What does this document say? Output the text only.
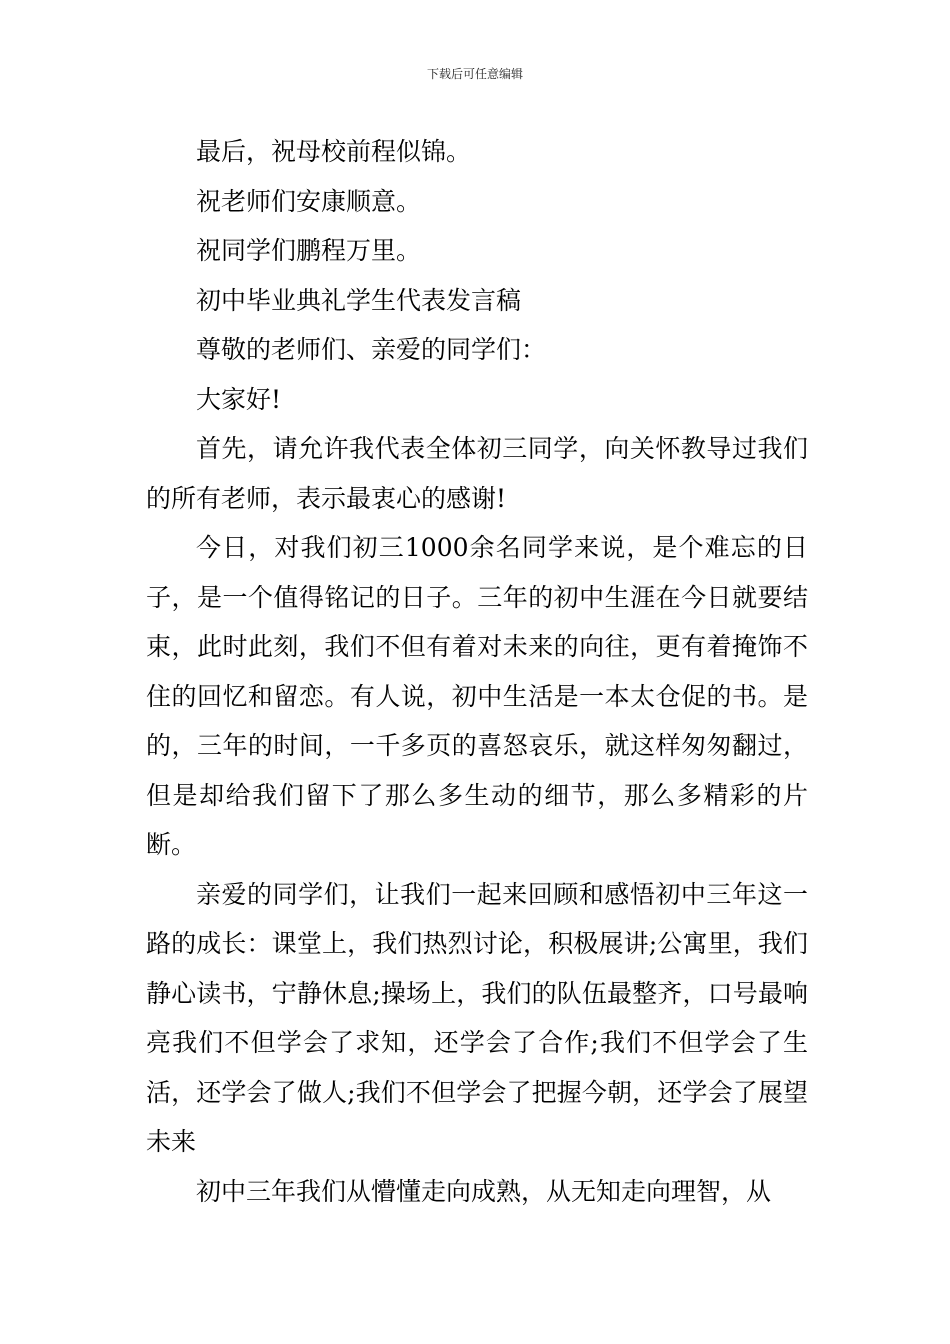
下载后可任意编辑

最后，祝母校前程似锦。

祝老师们安康顺意。

祝同学们鹏程万里。

初中毕业典礼学生代表发言稿

尊敬的老师们、亲爱的同学们：

大家好!

首先，请允许我代表全体初三同学，向关怀教导过我们的所有老师，表示最衷心的感谢!

今日，对我们初三1000余名同学来说，是个难忘的日子，是一个值得铭记的日子。三年的初中生涯在今日就要结束，此时此刻，我们不但有着对未来的向往，更有着掩饰不住的回忆和留恋。有人说，初中生活是一本太仓促的书。是的，三年的时间，一千多页的喜怒哀乐，就这样匆匆翻过，但是却给我们留下了那么多生动的细节，那么多精彩的片断。

亲爱的同学们，让我们一起来回顾和感悟初中三年这一路的成长：课堂上，我们热烈讨论，积极展讲;公寓里，我们静心读书，宁静休息;操场上，我们的队伍最整齐，口号最响亮我们不但学会了求知，还学会了合作;我们不但学会了生活，还学会了做人;我们不但学会了把握今朝，还学会了展望未来

初中三年我们从懵懂走向成熟，从无知走向理智，从
